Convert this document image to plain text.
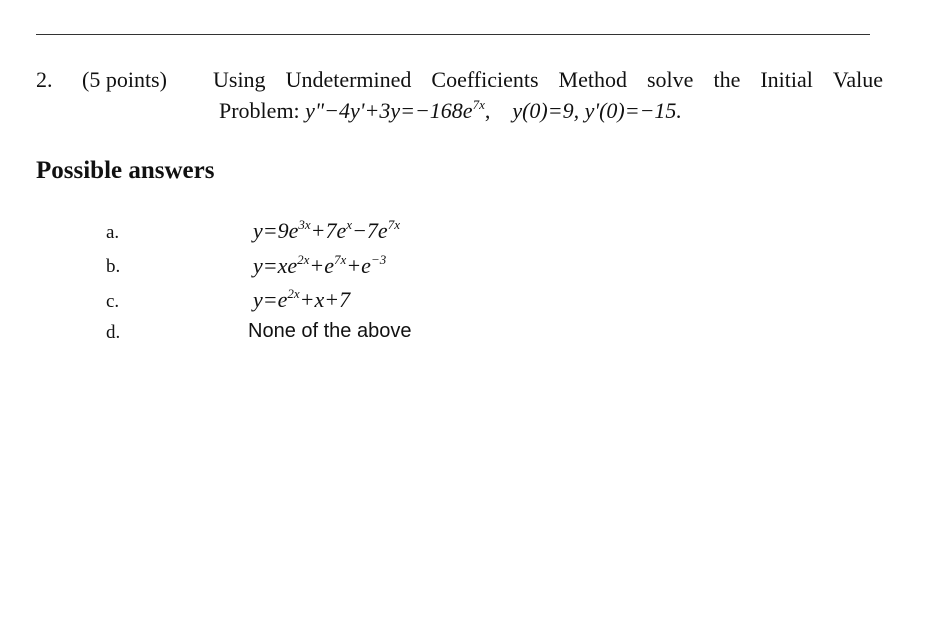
2. (5 points) Using Undetermined Coefficients Method solve the Initial Value
Problem: $y"-4y'+3y=-168e^{7x}$, y(0)=9, y'(0)=−15.
Possible answers
a.	$y=9e^{3x}+7e^x-7e^{7x}$
b.	$y=xe^{2x}+e^{7x}+e^{-3}$
c.	$y=e^{2x}+x+7$
d.	None of the above
